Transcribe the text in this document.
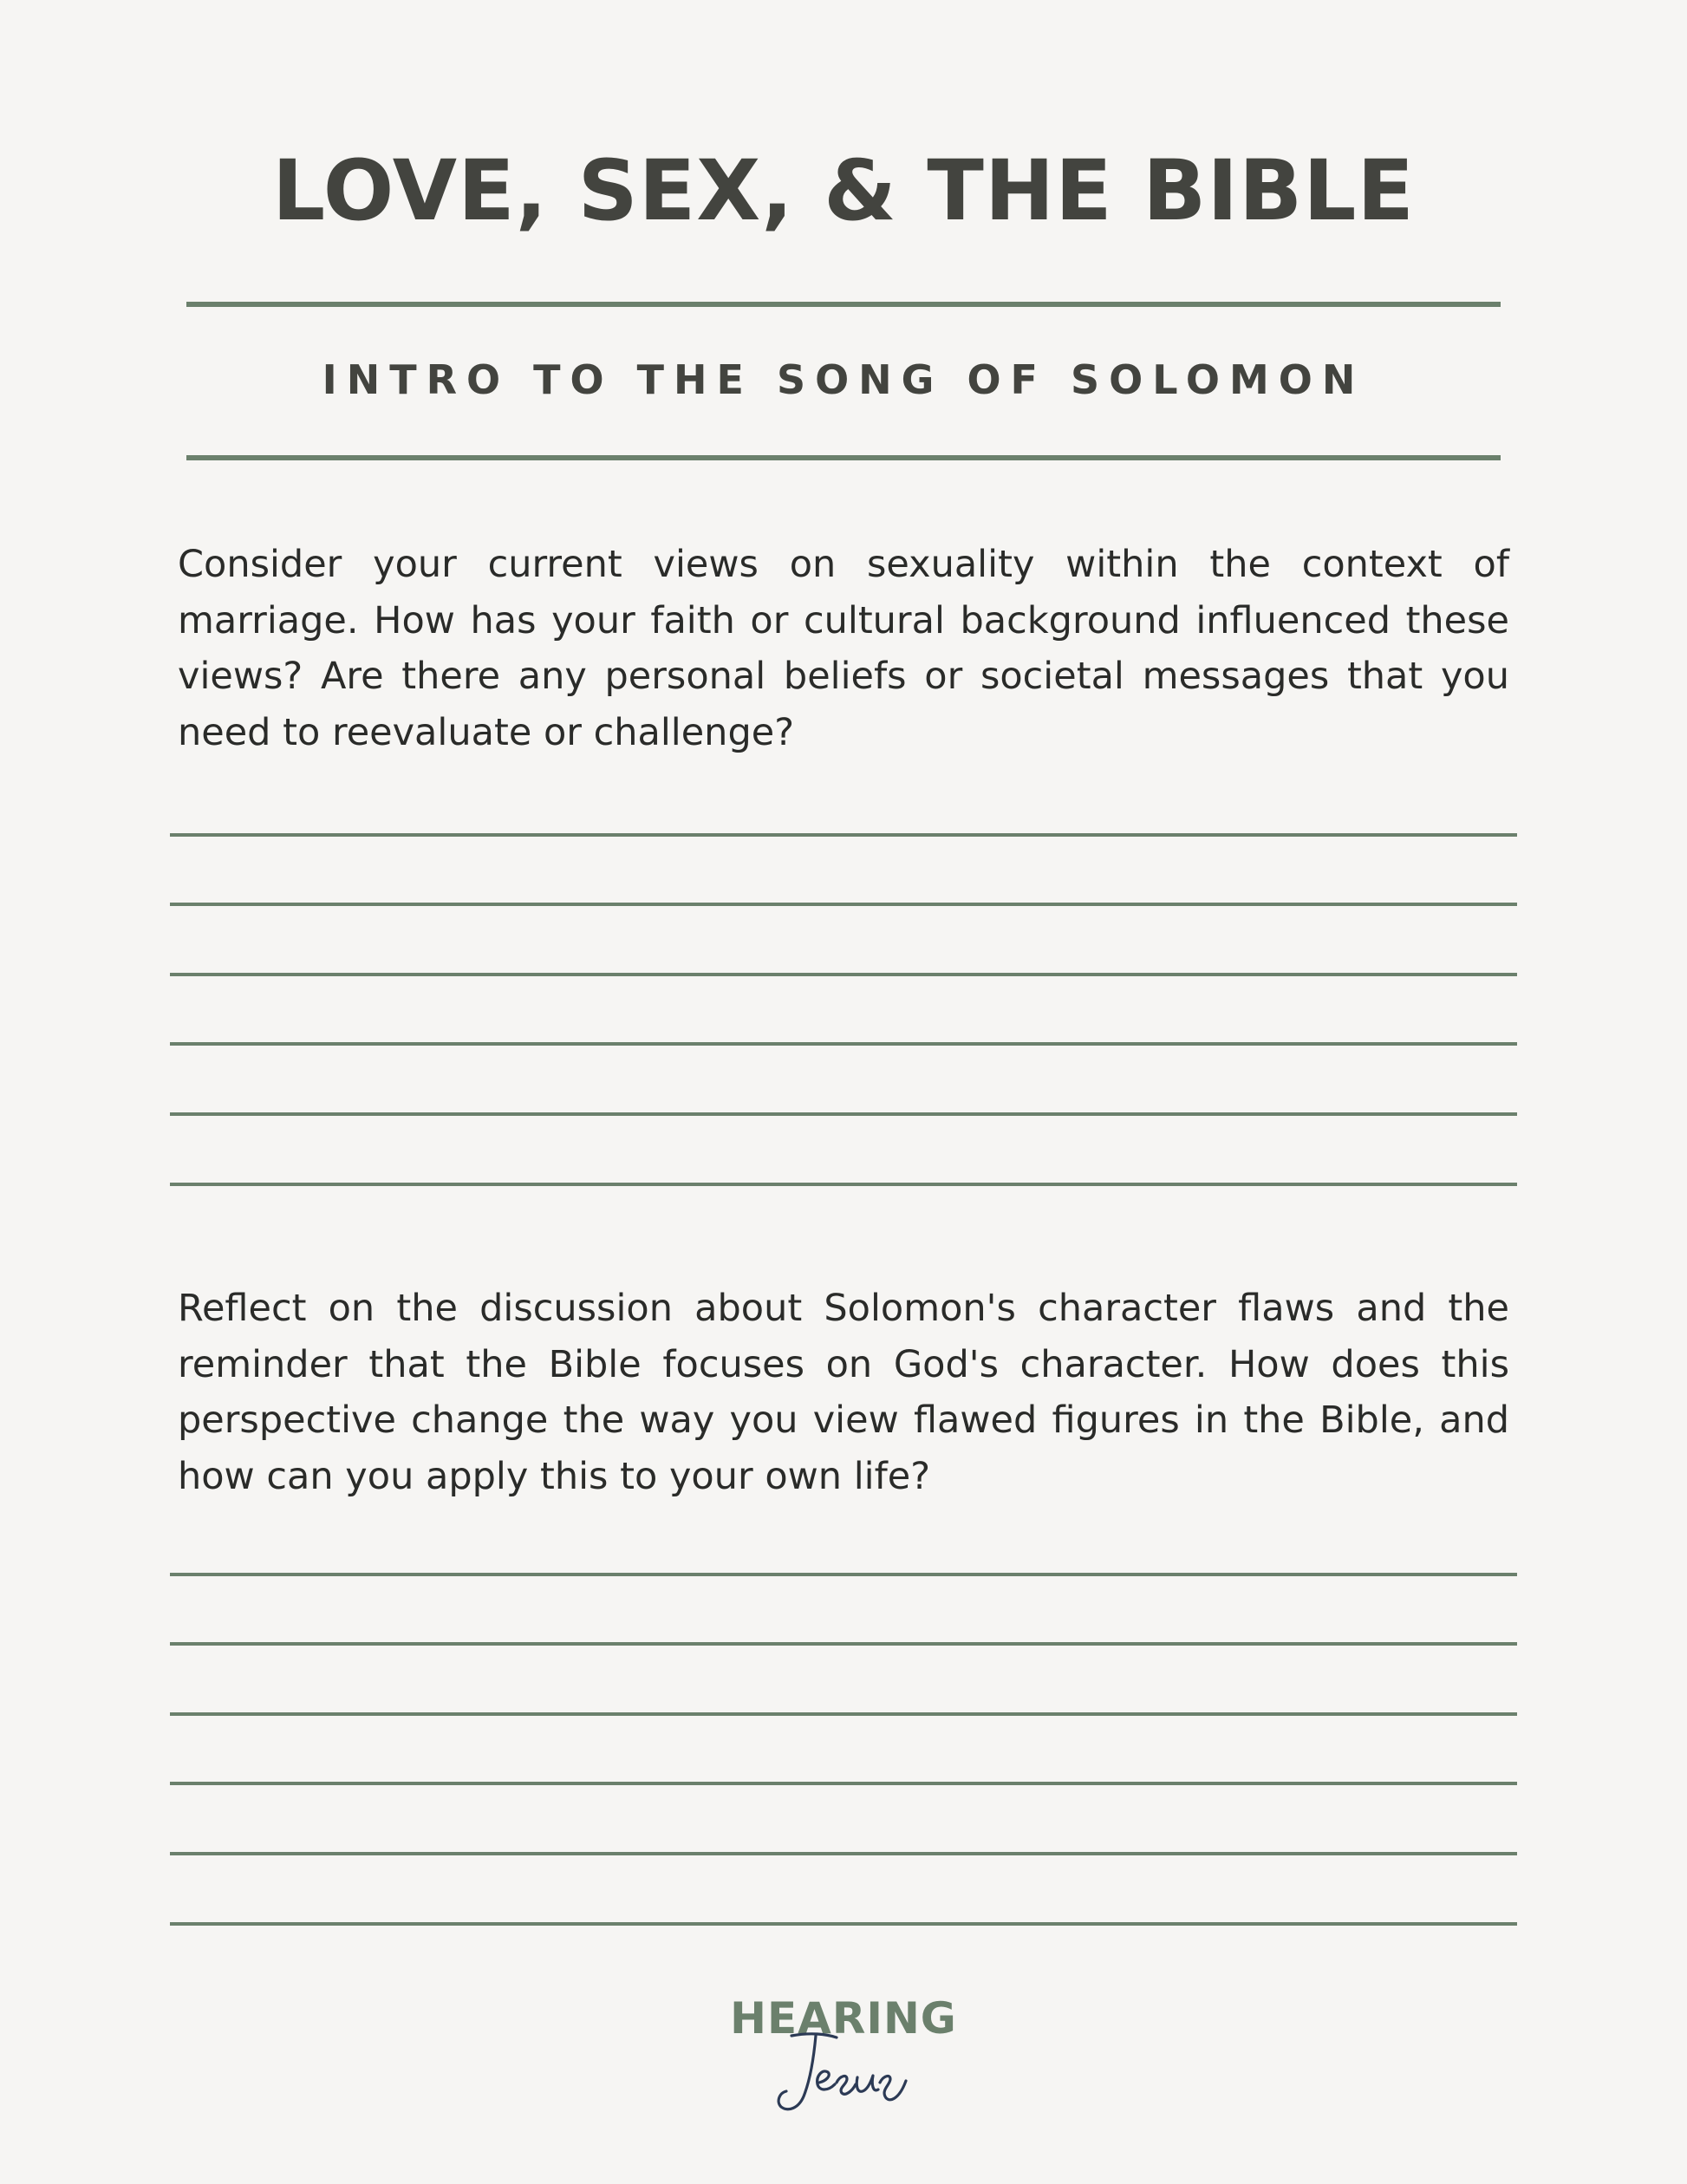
LOVE, SEX, & THE BIBLE
INTRO TO THE SONG OF SOLOMON

Consider your current views on sexuality within the context of marriage. How has your faith or cultural background influenced these views? Are there any personal beliefs or societal messages that you need to reevaluate or challenge?

Reflect on the discussion about Solomon's character flaws and the reminder that the Bible focuses on God's character. How does this perspective change the way you view flawed figures in the Bible, and how can you apply this to your own life?

HEARING
